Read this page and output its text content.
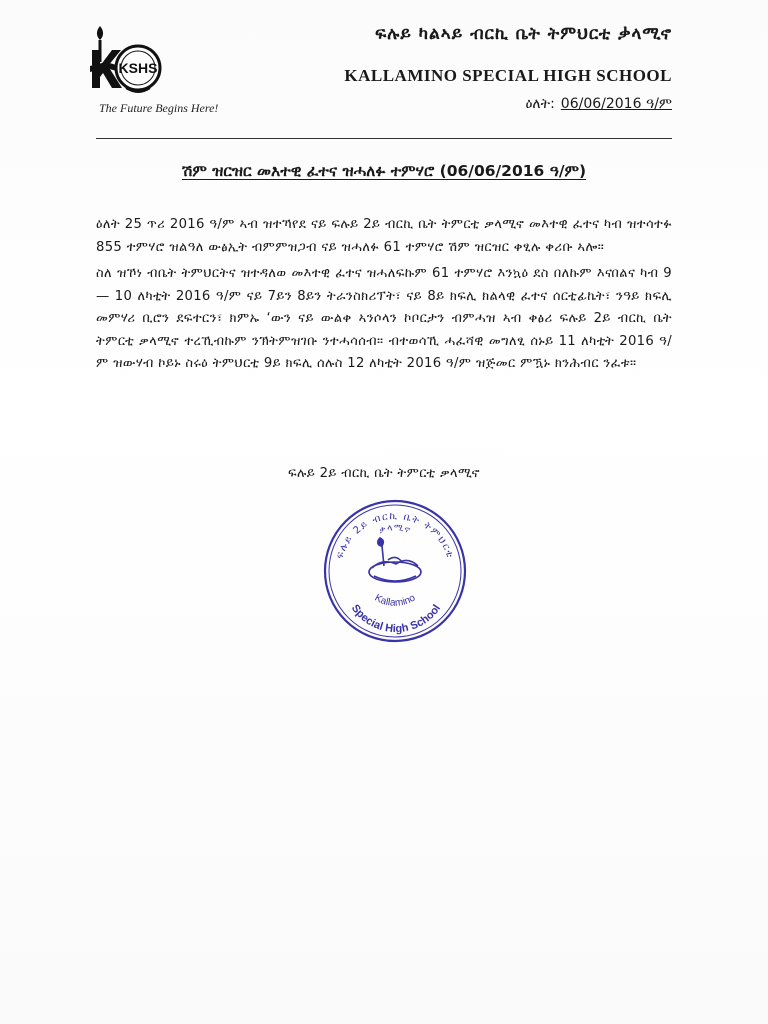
KSHS
The Future Begins Here!
ፍሉይ ካልኣይ ብርኪ ቤት ትምህርቲ ቃላሚኖ
KALLAMINO SPECIAL HIGH SCHOOL
ዕለት: 06/06/2016 ዓ/ም
ሽም ዝርዝር መእተዊ ፈተና ዝሓለፉ ተምሃሮ (06/06/2016 ዓ/ም)

ዕለት 25 ጥሪ 2016 ዓ/ም ኣብ ዝተኻየደ ናይ ፍሉይ 2ይ ብርኪ ቤት ትምርቲ ቃላሚኖ መእተዊ ፈተና ካብ ዝተሳተፉ 855 ተምሃሮ ዝልዓለ ውፅኢት ብምምዝጋብ ናይ ዝሓለፉ 61 ተምሃሮ ሽም ዝርዝር ቀፂሉ ቀሪቡ ኣሎ።

ስለ ዝኾነ ብቤት ትምህርትና ዝተዳለወ መእተዊ ፈተና ዝሓለፍኩም 61 ተምሃሮ እንኳዕ ደስ በለኩም እናበልና ካብ 9 — 10 ለካቲት 2016 ዓ/ም ናይ 7ይን 8ይን ትራንስክሪፕት፣ ናይ 8ይ ክፍሊ ክልላዊ ፈተና ሰርቲፊኬት፣ ንዓይ ክፍሊ መምሃሪ ቢሮን ደፍተርን፣ ክምኡ ‘ውን ናይ ውልቀ ኣንሶላን ኮቦርታን ብምሓዝ ኣብ ቀፅሪ ፍሉይ 2ይ ብርኪ ቤት ትምርቲ ቃላሚኖ ተረኺብኩም ንኽትምዝገቡ ንተሓሳሰብ። ብተወሳኺ ሓፈሻዊ መግለፂ ሰኑይ 11 ለካቲት 2016 ዓ/ም ዝውሃብ ኮይኑ ስሩዕ ትምህርቲ 9ይ ክፍሊ ሰሉስ 12 ለካቲት 2016 ዓ/ም ዝጅመር ምዃኑ ክንሕብር ንፈቱ።

ፍሉይ 2ይ ብርኪ ቤት ትምርቲ ቃላሚኖ
ፍሉይ 2ይ ብርኪ ቤት ትምህርቲ
ቃላሚኖ
Kallamino
Special High School
